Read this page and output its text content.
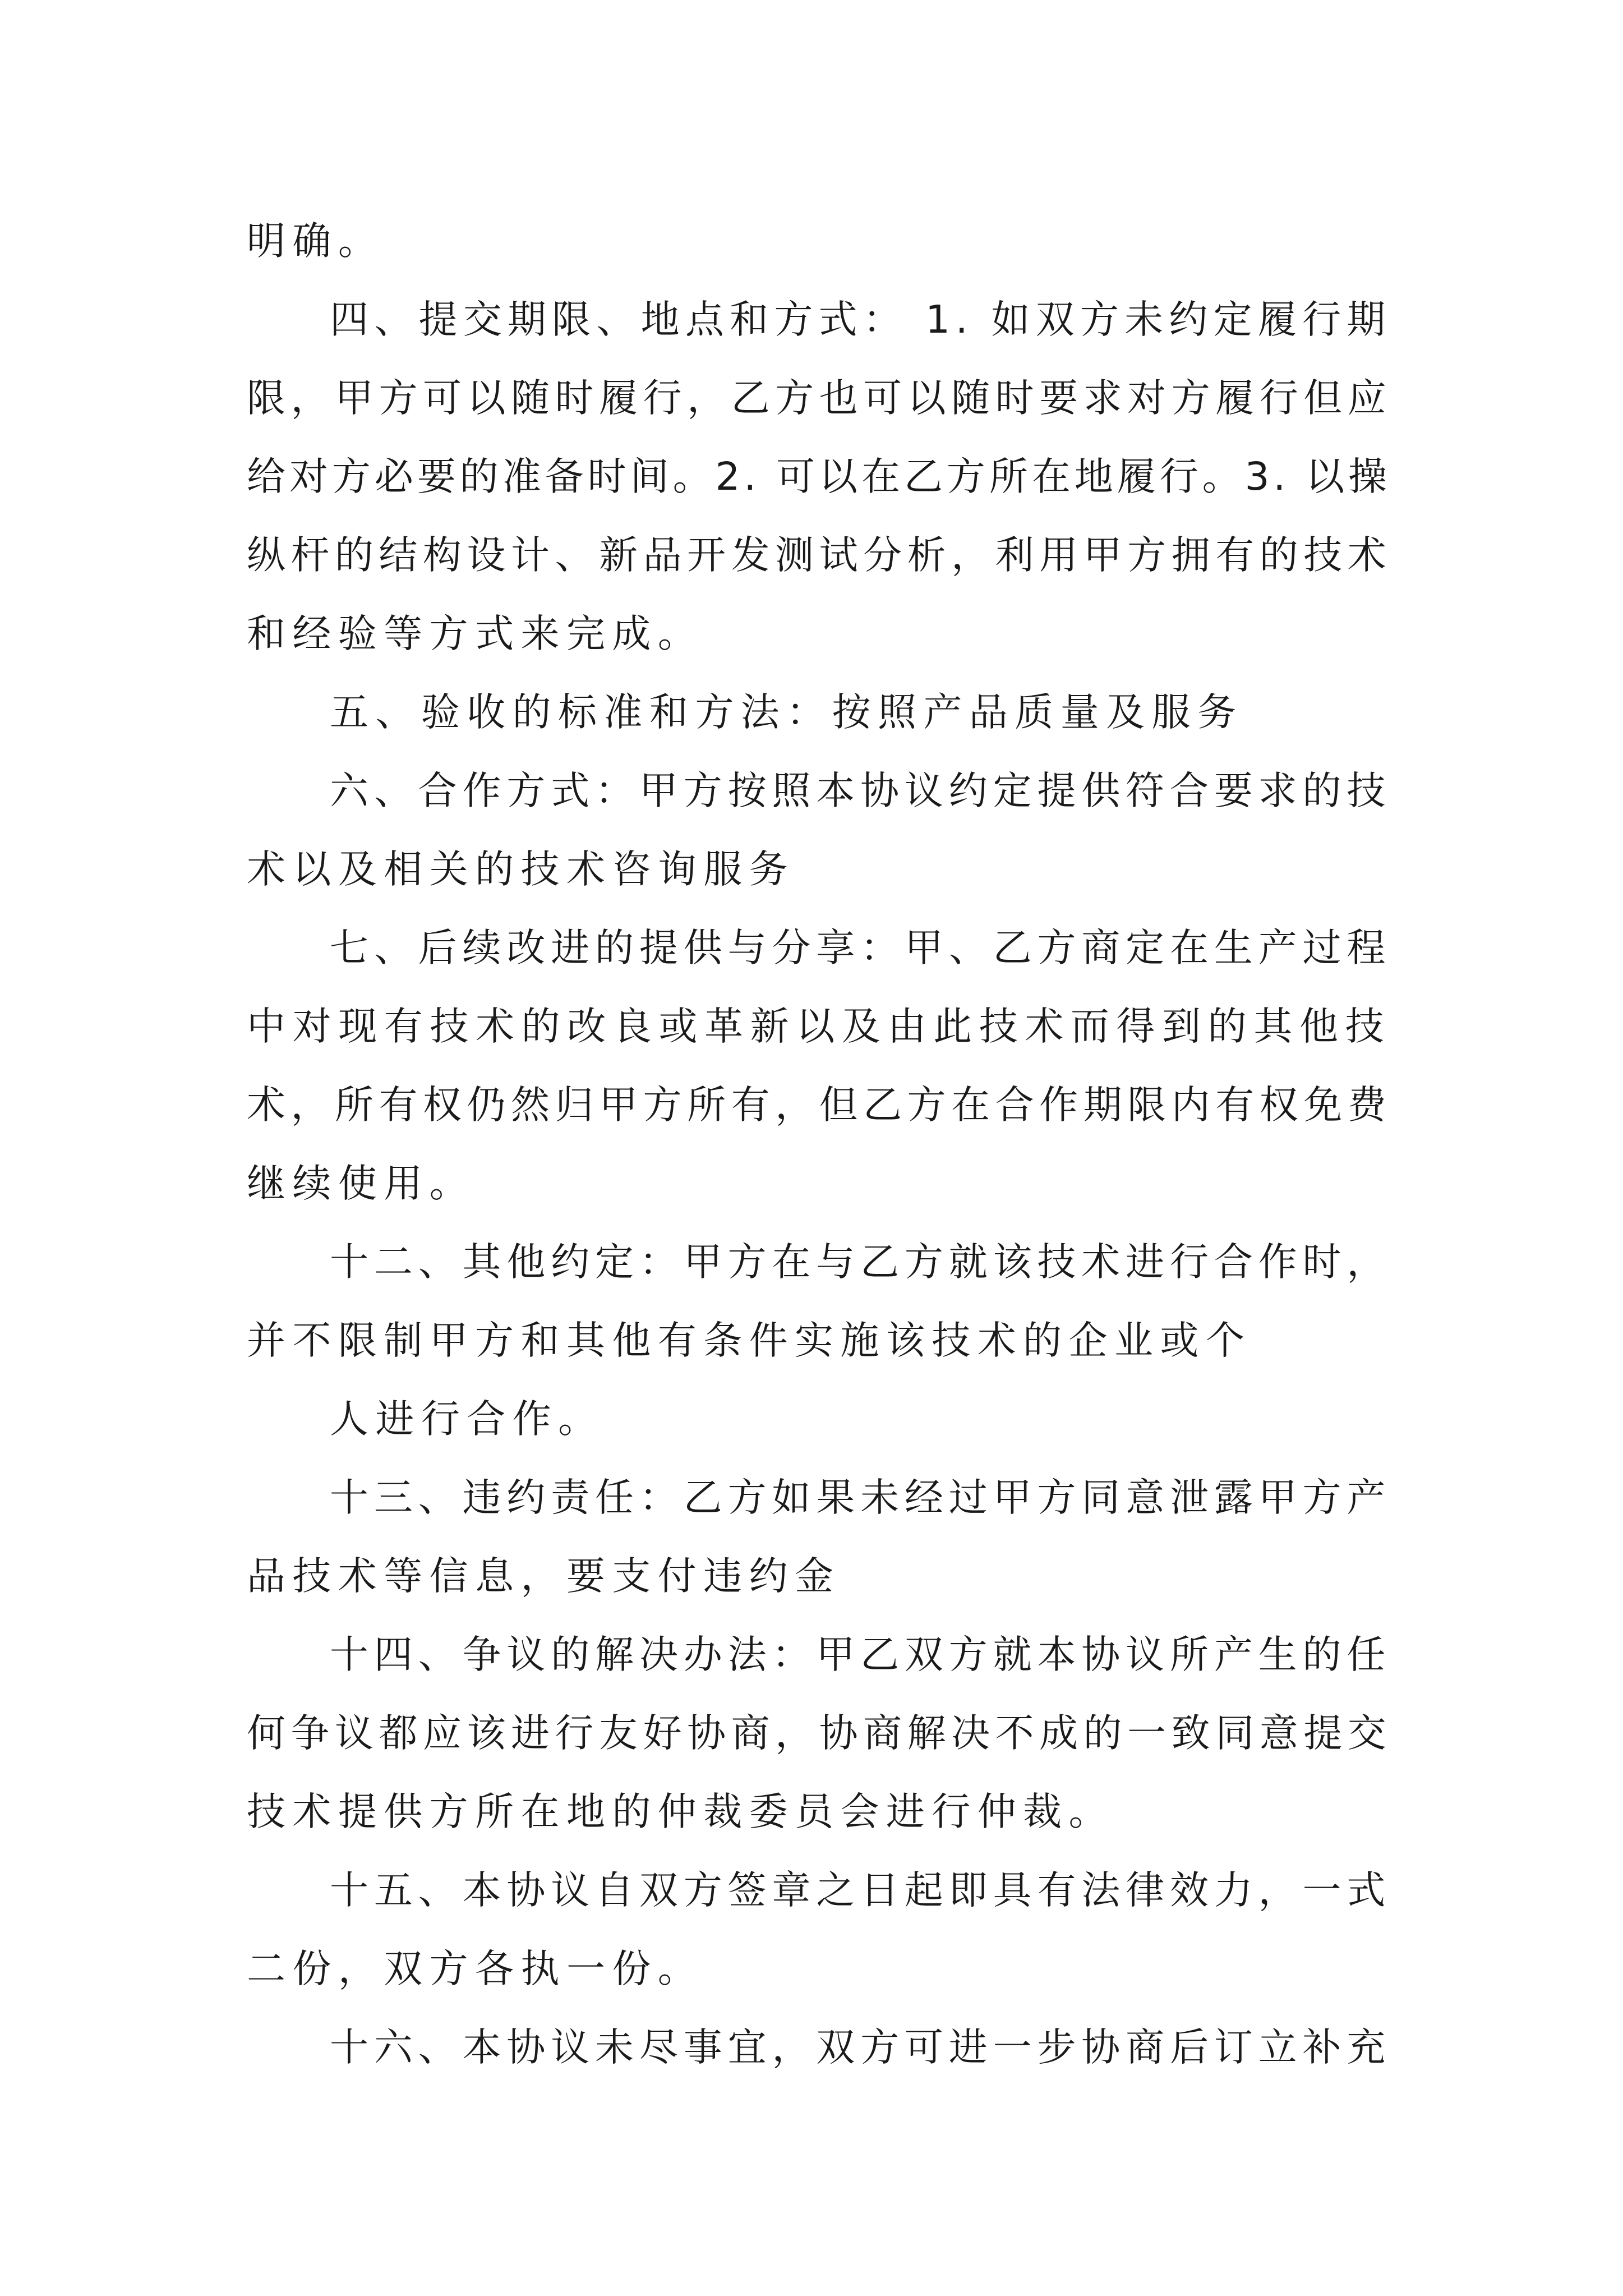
明确。

四、提交期限、地点和方式： 1. 如双方未约定履行期

限，甲方可以随时履行，乙方也可以随时要求对方履行但应

给对方必要的准备时间。2. 可以在乙方所在地履行。3. 以操

纵杆的结构设计、新品开发测试分析，利用甲方拥有的技术

和经验等方式来完成。

五、验收的标准和方法：按照产品质量及服务

六、合作方式：甲方按照本协议约定提供符合要求的技

术以及相关的技术咨询服务

七、后续改进的提供与分享：甲、乙方商定在生产过程

中对现有技术的改良或革新以及由此技术而得到的其他技

术，所有权仍然归甲方所有，但乙方在合作期限内有权免费

继续使用。

十二、其他约定：甲方在与乙方就该技术进行合作时，

并不限制甲方和其他有条件实施该技术的企业或个

人进行合作。

十三、违约责任：乙方如果未经过甲方同意泄露甲方产

品技术等信息，要支付违约金

十四、争议的解决办法：甲乙双方就本协议所产生的任

何争议都应该进行友好协商，协商解决不成的一致同意提交

技术提供方所在地的仲裁委员会进行仲裁。

十五、本协议自双方签章之日起即具有法律效力，一式

二份，双方各执一份。

十六、本协议未尽事宜，双方可进一步协商后订立补充
